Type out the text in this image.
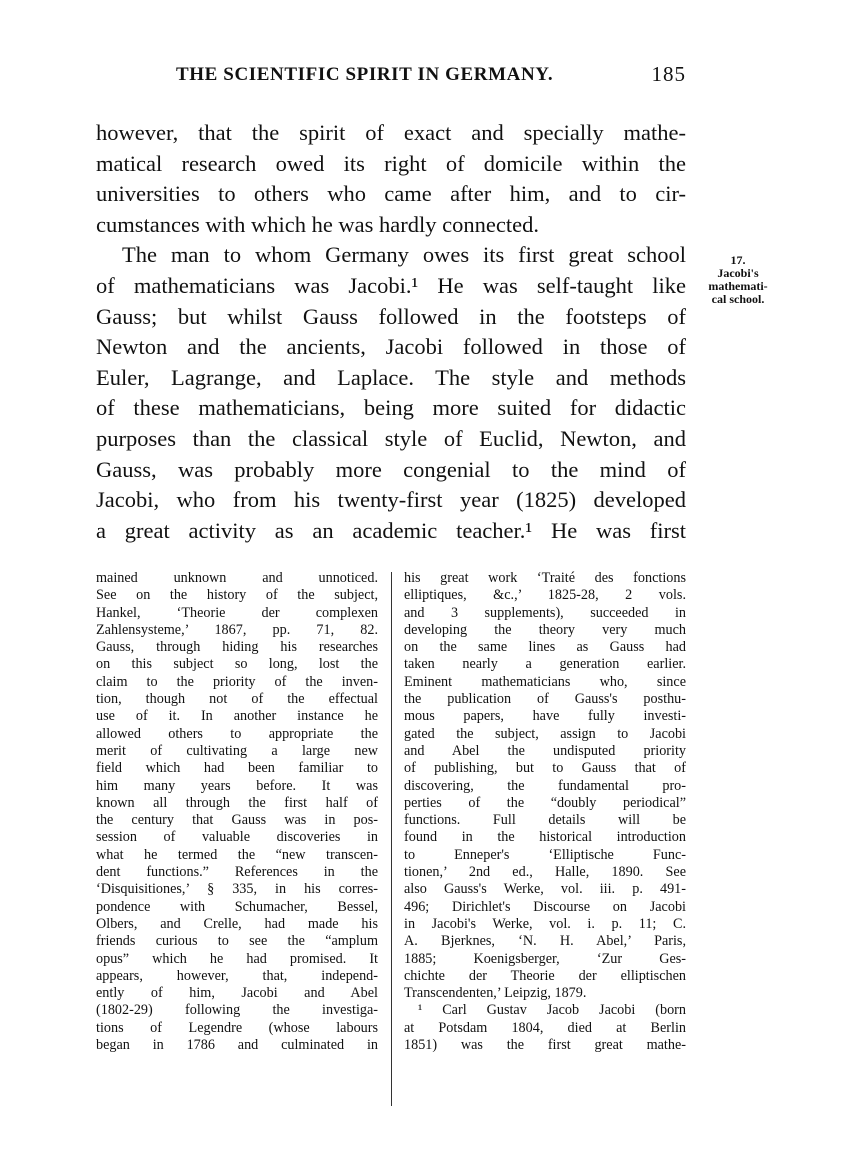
THE SCIENTIFIC SPIRIT IN GERMANY.	185
however, that the spirit of exact and specially mathe-
matical research owed its right of domicile within the
universities to others who came after him, and to cir-
cumstances with which he was hardly connected.
The man to whom Germany owes its first great school
of mathematicians was Jacobi.¹ He was self-taught like
Gauss; but whilst Gauss followed in the footsteps of
Newton and the ancients, Jacobi followed in those of
Euler, Lagrange, and Laplace. The style and methods
of these mathematicians, being more suited for didactic
purposes than the classical style of Euclid, Newton, and
Gauss, was probably more congenial to the mind of
Jacobi, who from his twenty-first year (1825) developed
a great activity as an academic teacher.¹ He was first
17.
Jacobi's
mathemati-
cal school.
mained unknown and unnoticed.
See on the history of the subject,
Hankel, ‘Theorie der complexen
Zahlensysteme,’ 1867, pp. 71, 82.
Gauss, through hiding his researches
on this subject so long, lost the
claim to the priority of the inven-
tion, though not of the effectual
use of it. In another instance he
allowed others to appropriate the
merit of cultivating a large new
field which had been familiar to
him many years before. It was
known all through the first half of
the century that Gauss was in pos-
session of valuable discoveries in
what he termed the “new transcen-
dent functions.” References in the
‘Disquisitiones,’ § 335, in his corres-
pondence with Schumacher, Bessel,
Olbers, and Crelle, had made his
friends curious to see the “amplum
opus” which he had promised. It
appears, however, that, independ-
ently of him, Jacobi and Abel
(1802-29) following the investiga-
tions of Legendre (whose labours
began in 1786 and culminated in
his great work ‘Traité des fonctions
elliptiques, &c.,’ 1825-28, 2 vols.
and 3 supplements), succeeded in
developing the theory very much
on the same lines as Gauss had
taken nearly a generation earlier.
Eminent mathematicians who, since
the publication of Gauss's posthu-
mous papers, have fully investi-
gated the subject, assign to Jacobi
and Abel the undisputed priority
of publishing, but to Gauss that of
discovering, the fundamental pro-
perties of the “doubly periodical”
functions. Full details will be
found in the historical introduction
to Enneper's ‘Elliptische Func-
tionen,’ 2nd ed., Halle, 1890. See
also Gauss's Werke, vol. iii. p. 491-
496; Dirichlet's Discourse on Jacobi
in Jacobi's Werke, vol. i. p. 11; C.
A. Bjerknes, ‘N. H. Abel,’ Paris,
1885; Koenigsberger, ‘Zur Ges-
chichte der Theorie der elliptischen
Transcendenten,’ Leipzig, 1879.
¹ Carl Gustav Jacob Jacobi (born
at Potsdam 1804, died at Berlin
1851) was the first great mathe-
